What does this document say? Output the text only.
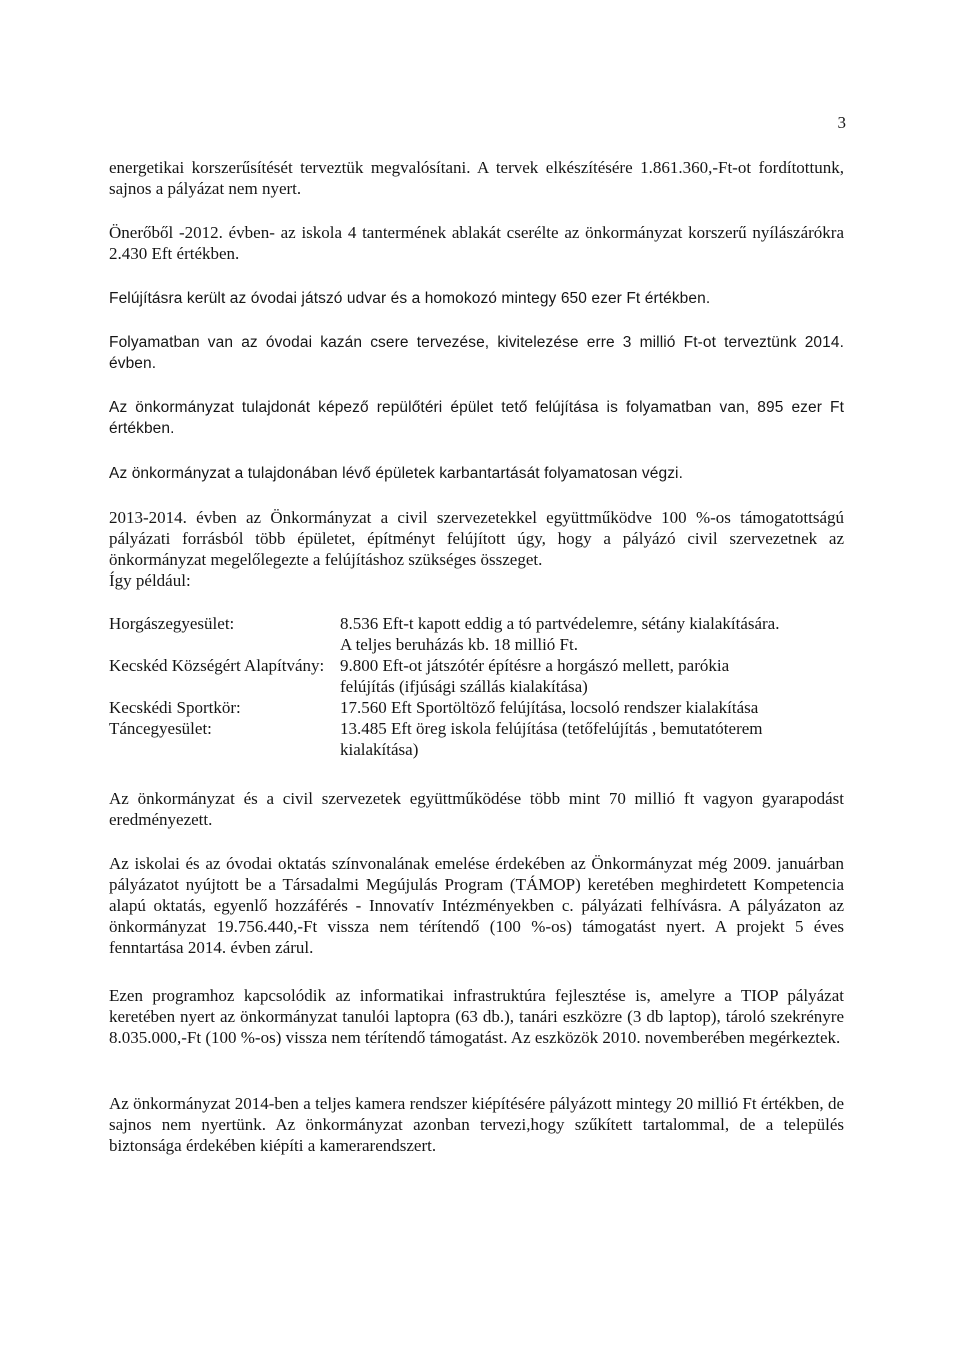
3

energetikai korszerűsítését terveztük megvalósítani. A tervek elkészítésére 1.861.360,-Ft-ot fordítottunk, sajnos a pályázat nem nyert.

Önerőből -2012. évben- az iskola 4 tantermének ablakát cserélte az önkormányzat korszerű nyílászárókra 2.430 Eft értékben.

Felújításra került az óvodai játszó udvar és a homokozó mintegy 650 ezer Ft értékben.

Folyamatban van az óvodai kazán csere tervezése, kivitelezése erre 3 millió Ft-ot terveztünk 2014. évben.

Az önkormányzat tulajdonát képező repülőtéri épület tető felújítása is folyamatban van, 895 ezer Ft értékben.

Az önkormányzat a tulajdonában lévő épületek karbantartását folyamatosan végzi.

2013-2014. évben az Önkormányzat a civil szervezetekkel együttműködve 100 %-os támogatottságú pályázati forrásból több épületet, építményt felújított úgy, hogy a pályázó civil szervezetnek az önkormányzat megelőlegezte a felújításhoz szükséges összeget.

Így például:

Horgászegyesület:	8.536 Eft-t kapott eddig a tó partvédelemre, sétány kialakítására.
A teljes beruházás kb. 18 millió Ft.
Kecskéd Községért Alapítvány: 9.800 Eft-ot játszótér építésre a horgászó mellett, parókia
felújítás (ifjúsági szállás kialakítása)
Kecskédi Sportkör:	17.560 Eft Sportöltöző felújítása, locsoló rendszer kialakítása
Táncegyesület:	13.485 Eft öreg iskola felújítása (tetőfelújítás , bemutatóterem
kialakítása)

Az önkormányzat és a civil szervezetek együttműködése több mint 70 millió ft vagyon gyarapodást eredményezett.

Az iskolai és az óvodai oktatás színvonalának emelése érdekében az Önkormányzat még 2009. januárban pályázatot nyújtott be a Társadalmi Megújulás Program (TÁMOP) keretében meghirdetett Kompetencia alapú oktatás, egyenlő hozzáférés - Innovatív Intézményekben c. pályázati felhívásra. A pályázaton az önkormányzat 19.756.440,-Ft vissza nem térítendő (100 %-os) támogatást nyert. A projekt 5 éves fenntartása 2014. évben zárul.

Ezen programhoz kapcsolódik az informatikai infrastruktúra fejlesztése is, amelyre a TIOP pályázat keretében nyert az önkormányzat tanulói laptopra (63 db.), tanári eszközre (3 db laptop), tároló szekrényre 8.035.000,-Ft (100 %-os) vissza nem térítendő támogatást. Az eszközök 2010. novemberében megérkeztek.

Az önkormányzat 2014-ben a teljes kamera rendszer kiépítésére pályázott mintegy 20 millió Ft értékben, de sajnos nem nyertünk. Az önkormányzat azonban tervezi,hogy szűkített tartalommal, de a település biztonsága érdekében kiépíti a kamerarendszert.
